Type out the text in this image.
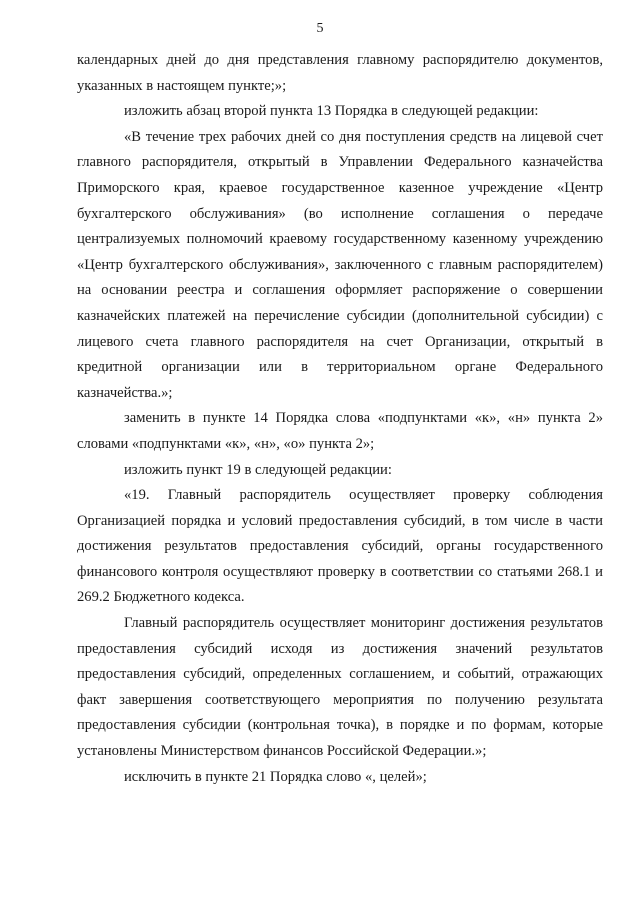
5

календарных дней до дня представления главному распорядителю документов, указанных в настоящем пункте;»;

изложить абзац второй пункта 13 Порядка в следующей редакции:

«В течение трех рабочих дней со дня поступления средств на лицевой счет главного распорядителя, открытый в Управлении Федерального казначейства Приморского края, краевое государственное казенное учреждение «Центр бухгалтерского обслуживания» (во исполнение соглашения о передаче централизуемых полномочий краевому государственному казенному учреждению «Центр бухгалтерского обслуживания», заключенного с главным распорядителем) на основании реестра и соглашения оформляет распоряжение о совершении казначейских платежей на перечисление субсидии (дополнительной субсидии) с лицевого счета главного распорядителя на счет Организации, открытый в кредитной организации или в территориальном органе Федерального казначейства.»;

заменить в пункте 14 Порядка слова «подпунктами «к», «н» пункта 2» словами «подпунктами «к», «н», «о» пункта 2»;

изложить пункт 19 в следующей редакции:

«19. Главный распорядитель осуществляет проверку соблюдения Организацией порядка и условий предоставления субсидий, в том числе в части достижения результатов предоставления субсидий, органы государственного финансового контроля осуществляют проверку в соответствии со статьями 268.1 и 269.2 Бюджетного кодекса.

Главный распорядитель осуществляет мониторинг достижения результатов предоставления субсидий исходя из достижения значений результатов предоставления субсидий, определенных соглашением, и событий, отражающих факт завершения соответствующего мероприятия по получению результата предоставления субсидии (контрольная точка), в порядке и по формам, которые установлены Министерством финансов Российской Федерации.»;

исключить в пункте 21 Порядка слово «, целей»;
